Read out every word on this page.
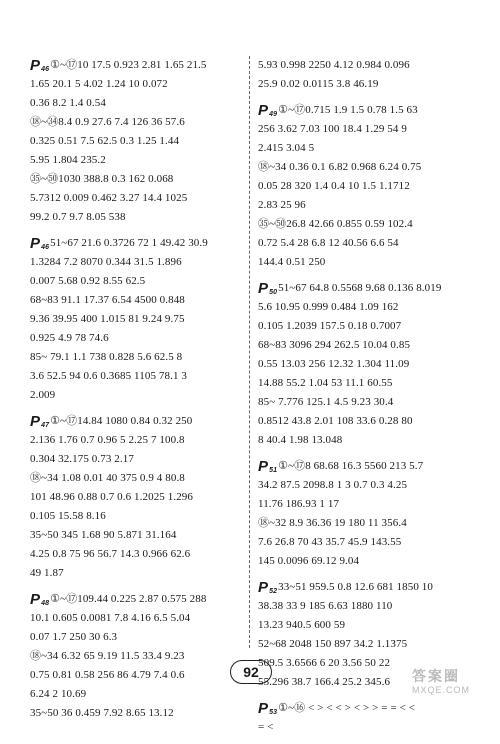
P 46 ①~⑰10 17.5 0.923 2.81 1.65 21.5
1.65 20.1 5 4.02 1.24 10 0.072
0.36 8.2 1.4 0.54
⑱~㉞8.4 0.9 27.6 7.4 126 36 57.6
0.325 0.51 7.5 62.5 0.3 1.25 1.44
5.95 1.804 235.2
㉟~㊿1030 388.8 0.3 162 0.068
5.7312 0.009 0.462 3.27 14.4 1025
99.2 0.7 9.7 8.05 538
P 46 51~67 21.6 0.3726 72 1 49.42 30.9
1.3284 7.2 8070 0.344 31.5 1.896
0.007 5.68 0.92 8.55 62.5
68~83 91.1 17.37 6.54 4500 0.848
9.36 39.95 400 1.015 81 9.24 9.75
0.925 4.9 78 74.6
85~ 79.1 1.1 738 0.828 5.6 62.5 8
3.6 52.5 94 0.6 0.3685 1105 78.1 3
2.009
P 47 ①~⑰14.84 1080 0.84 0.32 250
2.136 1.76 0.7 0.96 5 2.25 7 100.8
0.304 32.175 0.73 2.17
⑱~34 1.08 0.01 40 375 0.9 4 80.8
101 48.96 0.88 0.7 0.6 1.2025 1.296
0.105 15.58 8.16
35~50 345 1.68 90 5.871 31.164
4.25 0.8 75 96 56.7 14.3 0.966 62.6
49 1.87
P 48 ①~⑰109.44 0.225 2.87 0.575 288
10.1 0.605 0.0081 7.8 4.16 6.5 5.04
0.07 1.7 250 30 6.3
⑱~34 6.32 65 9.19 11.5 33.4 9.23
0.75 0.81 0.58 256 86 4.79 7.4 0.6
6.24 2 10.69
35~50 36 0.459 7.92 8.65 13.12
5.93 0.998 2250 4.12 0.984 0.096
25.9 0.02 0.0115 3.8 46.19
P 49 ①~⑰0.715 1.9 1.5 0.78 1.5 63
256 3.62 7.03 100 18.4 1.29 54 9
2.415 3.04 5
⑱~34 0.36 0.1 6.82 0.968 6.24 0.75
0.05 28 320 1.4 0.4 10 1.5 1.1712
2.83 25 96
㉟~㊿26.8 42.66 0.855 0.59 102.4
0.72 5.4 28 6.8 12 40.56 6.6 54
144.4 0.51 250
P 50 51~67 64.8 0.5568 9.68 0.136 8.019
5.6 10.95 0.999 0.484 1.09 162
0.105 1.2039 157.5 0.18 0.7007
68~83 3096 294 262.5 10.04 0.85
0.55 13.03 256 12.32 1.304 11.09
14.88 55.2 1.04 53 11.1 60.55
85~ 7.776 125.1 4.5 9.23 30.4
0.8512 43.8 2.01 108 33.6 0.28 80
8 40.4 1.98 13.048
P 51 ①~⑰8 68.68 16.3 5560 213 5.7
34.2 87.5 2098.8 1 3 0.7 0.3 4.25
11.76 186.93 1 17
⑱~32 8.9 36.36 19 180 11 356.4
7.6 26.8 70 43 35.7 45.9 143.55
145 0.0096 69.12 9.04
P 52 33~51 959.5 0.8 12.6 681 1850 10
38.38 33 9 185 6.63 1880 110
13.23 940.5 600 59
52~68 2048 150 897 34.2 1.1375
509.5 3.6566 6 20 3.56 50 22
55.296 38.7 166.4 25.2 345.6
P 53 ①~⑯ < > < < > < > > = = < <
= <
92	答案圈
MXQE.COM
